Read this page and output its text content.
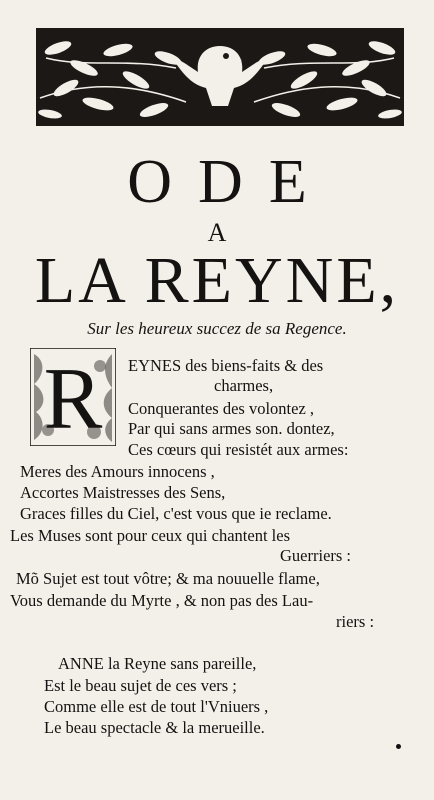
ODE
A
LA REYNE,
Sur les heureux succez de sa Regence.
R EYNES des biens-faits & des
charmes,
Conquerantes des volontez ,
Par qui sans armes son. dontez,
Ces cœurs qui resistét aux armes:
Meres des Amours innocens ,
Accortes Maistresses des Sens,
Graces filles du Ciel, c'est vous que ie reclame.
Les Muses sont pour ceux qui chantent les
Guerriers :
Mõ Sujet est tout vôtre; & ma nouuelle flame,
Vous demande du Myrte , & non pas des Lau-
riers :
ANNE la Reyne sans pareille,
Est le beau sujet de ces vers ;
Comme elle est de tout l'Vniuers ,
Le beau spectacle & la merueille.
